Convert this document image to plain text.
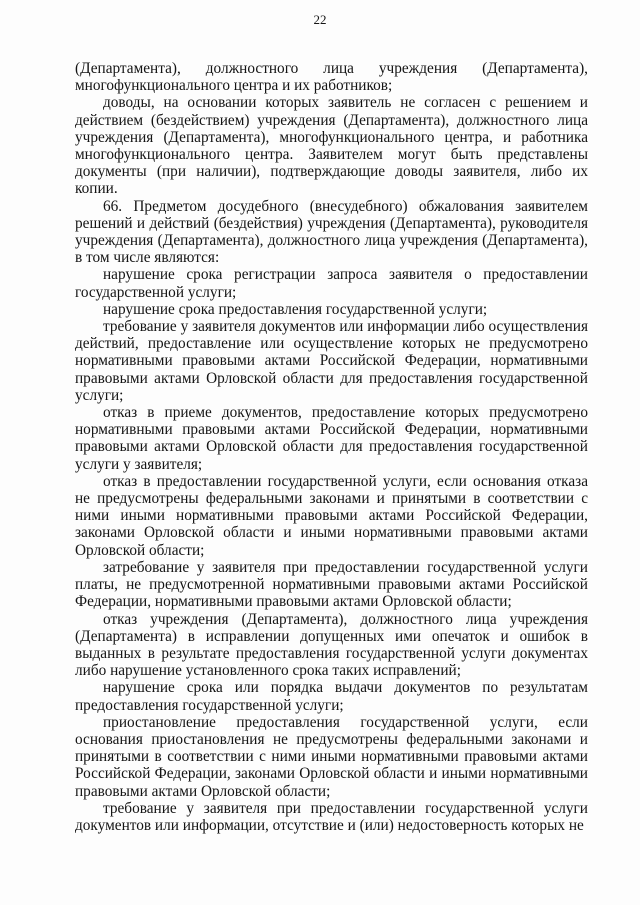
22

(Департамента), должностного лица учреждения (Департамента), многофункционального центра и их работников;

доводы, на основании которых заявитель не согласен с решением и действием (бездействием) учреждения (Департамента), должностного лица учреждения (Департамента), многофункционального центра, и работника многофункционального центра. Заявителем могут быть представлены документы (при наличии), подтверждающие доводы заявителя, либо их копии.

66. Предметом досудебного (внесудебного) обжалования заявителем решений и действий (бездействия) учреждения (Департамента), руководителя учреждения (Департамента), должностного лица учреждения (Департамента), в том числе являются:

нарушение срока регистрации запроса заявителя о предоставлении государственной услуги;

нарушение срока предоставления государственной услуги;

требование у заявителя документов или информации либо осуществления действий, предоставление или осуществление которых не предусмотрено нормативными правовыми актами Российской Федерации, нормативными правовыми актами Орловской области для предоставления государственной услуги;

отказ в приеме документов, предоставление которых предусмотрено нормативными правовыми актами Российской Федерации, нормативными правовыми актами Орловской области для предоставления государственной услуги у заявителя;

отказ в предоставлении государственной услуги, если основания отказа не предусмотрены федеральными законами и принятыми в соответствии с ними иными нормативными правовыми актами Российской Федерации, законами Орловской области и иными нормативными правовыми актами Орловской области;

затребование у заявителя при предоставлении государственной услуги платы, не предусмотренной нормативными правовыми актами Российской Федерации, нормативными правовыми актами Орловской области;

отказ учреждения (Департамента), должностного лица учреждения (Департамента) в исправлении допущенных ими опечаток и ошибок в выданных в результате предоставления государственной услуги документах либо нарушение установленного срока таких исправлений;

нарушение срока или порядка выдачи документов по результатам предоставления государственной услуги;

приостановление предоставления государственной услуги, если основания приостановления не предусмотрены федеральными законами и принятыми в соответствии с ними иными нормативными правовыми актами Российской Федерации, законами Орловской области и иными нормативными правовыми актами Орловской области;

требование у заявителя при предоставлении государственной услуги документов или информации, отсутствие и (или) недостоверность которых не
